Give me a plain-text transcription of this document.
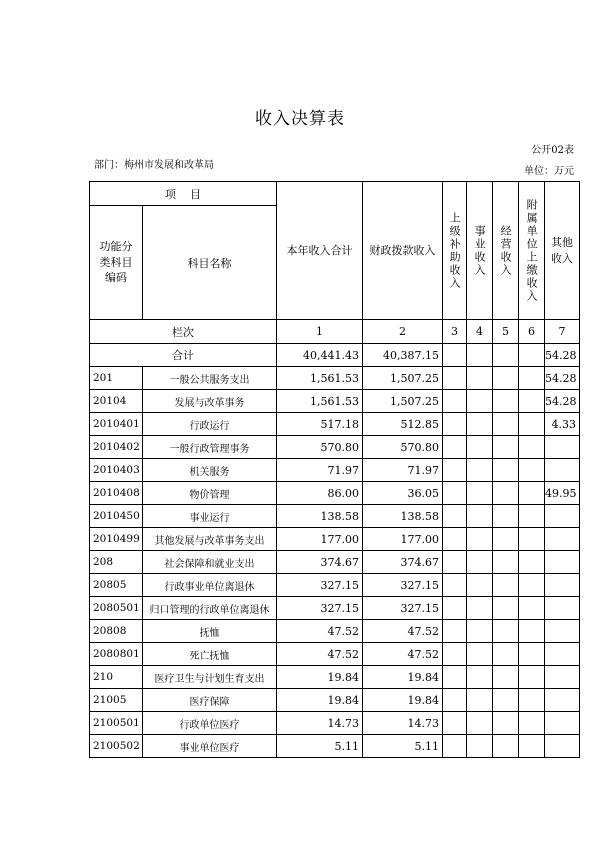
收入决算表
公开02表
部门：梅州市发展和改革局
单位：万元
项    目		本年收入合计	财政拨款收入	上级补助收入	事业收入	经营收入	附属单位上缴收入	其他收入
功能分类科目编码	科目名称							
栏次		1	2	3	4	5	6	7
合计		40,441.43	40,387.15					54.28
201	一般公共服务支出	1,561.53	1,507.25					54.28
20104	发展与改革事务	1,561.53	1,507.25					54.28
2010401	行政运行	517.18	512.85					4.33
2010402	一般行政管理事务	570.80	570.80					
2010403	机关服务	71.97	71.97					
2010408	物价管理	86.00	36.05					49.95
2010450	事业运行	138.58	138.58					
2010499	其他发展与改革事务支出	177.00	177.00					
208	社会保障和就业支出	374.67	374.67					
20805	行政事业单位离退休	327.15	327.15					
2080501	归口管理的行政单位离退休	327.15	327.15					
20808	抚恤	47.52	47.52					
2080801	死亡抚恤	47.52	47.52					
210	医疗卫生与计划生育支出	19.84	19.84					
21005	医疗保障	19.84	19.84					
2100501	行政单位医疗	14.73	14.73					
2100502	事业单位医疗	5.11	5.11					
